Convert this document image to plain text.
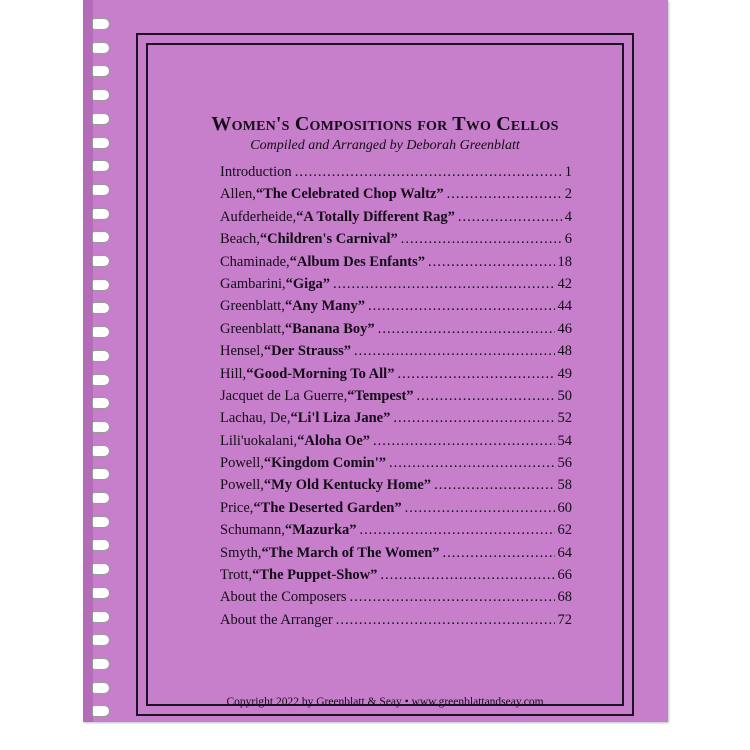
Women's Compositions for Two Cellos
Compiled and Arranged by Deborah Greenblatt
Introduction .....	1
Allen, “The Celebrated Chop Waltz” .....	2
Aufderheide, “A Totally Different Rag” .....	4
Beach, “Children's Carnival” .....	6
Chaminade, “Album Des Enfants” .....	18
Gambarini, “Giga” .....	42
Greenblatt, “Any Many” .....	44
Greenblatt, “Banana Boy” .....	46
Hensel, “Der Strauss” .....	48
Hill, “Good-Morning To All” .....	49
Jacquet de La Guerre, “Tempest” .....	50
Lachau, De, “Li'l Liza Jane” .....	52
Lili'uokalani, “Aloha Oe” .....	54
Powell, “Kingdom Comin'” .....	56
Powell, “My Old Kentucky Home” .....	58
Price, “The Deserted Garden” .....	60
Schumann, “Mazurka” .....	62
Smyth, “The March of The Women” .....	64
Trott, “The Puppet-Show” .....	66
About the Composers .....	68
About the Arranger .....	72
Copyright 2022 by Greenblatt & Seay • www.greenblattandseay.com
